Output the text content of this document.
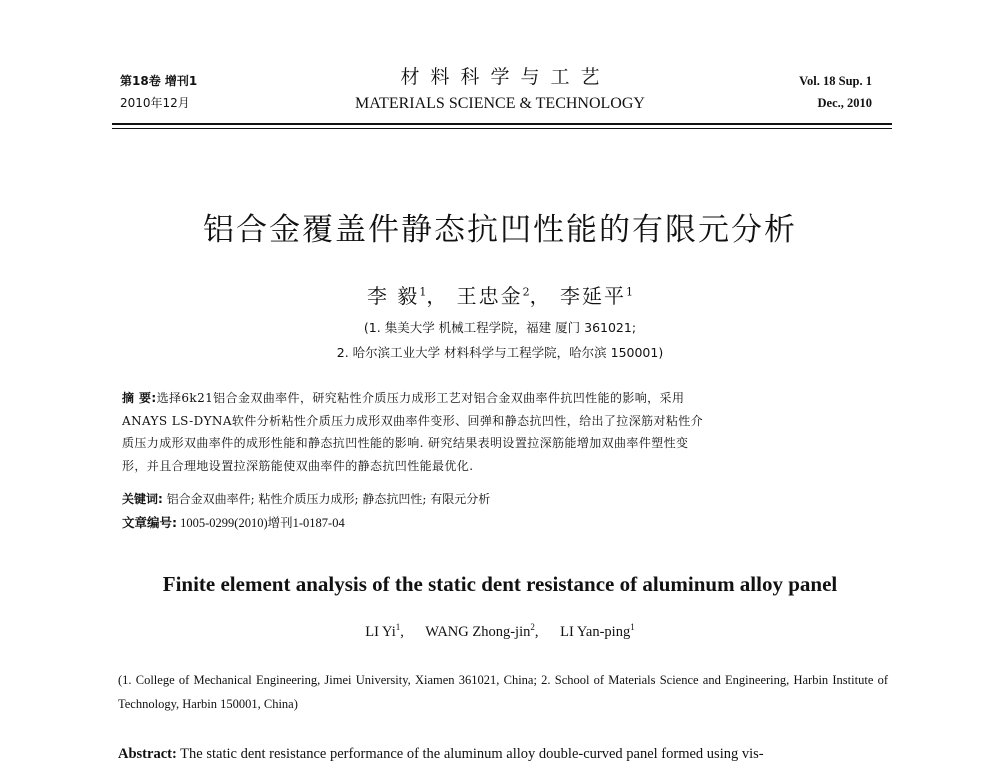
第18卷 增刊1
2010年12月
材料科学与工艺
MATERIALS SCIENCE & TECHNOLOGY
Vol. 18 Sup. 1
Dec., 2010
铝合金覆盖件静态抗凹性能的有限元分析
李 毅$^1$， 王忠金$^2$， 李延平$^1$
(1. 集美大学 机械工程学院，福建 厦门 361021;
2. 哈尔滨工业大学 材料科学与工程学院，哈尔滨 150001)
摘 要:选择6k21铝合金双曲率件，研究粘性介质压力成形工艺对铝合金双曲率件抗凹性能的影响，采用
ANAYS LS-DYNA软件分析粘性介质压力成形双曲率件变形、回弹和静态抗凹性，给出了拉深筋对粘性介
质压力成形双曲率件的成形性能和静态抗凹性能的影响. 研究结果表明设置拉深筋能增加双曲率件塑性变
形，并且合理地设置拉深筋能使双曲率件的静态抗凹性能最优化.
关键词: 铝合金双曲率件; 粘性介质压力成形; 静态抗凹性; 有限元分析
文章编号: 1005-0299(2010)增刊1-0187-04
Finite element analysis of the static dent resistance of aluminum alloy panel
LI Yi$^1$, WANG Zhong-jin$^2$, LI Yan-ping$^1$
(1. College of Mechanical Engineering, Jimei University, Xiamen 361021, China; 2. School of Materials Science and Engineering, Harbin Institute of Technology, Harbin 150001, China)
Abstract: The static dent resistance performance of the aluminum alloy double-curved panel formed using vis-
